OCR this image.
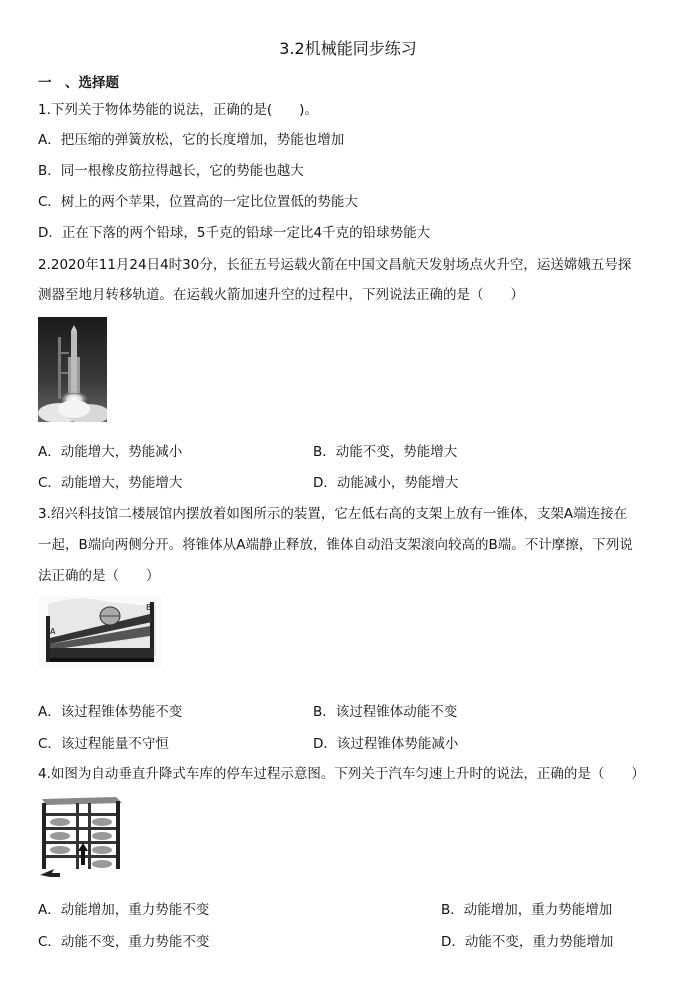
3.2机械能同步练习
一　、选择题
1.下列关于物体势能的说法，正确的是(　　)。
A．把压缩的弹簧放松，它的长度增加，势能也增加
B．同一根橡皮筋拉得越长，它的势能也越大
C．树上的两个苹果，位置高的一定比位置低的势能大
D．正在下落的两个铅球，5千克的铅球一定比4千克的铅球势能大
2.2020年11月24日4时30分，长征五号运载火箭在中国文昌航天发射场点火升空，运送嫦娥五号探
测器至地月转移轨道。在运载火箭加速升空的过程中，下列说法正确的是（　　）
A．动能增大，势能减小	B．动能不变，势能增大
C．动能增大，势能增大	D．动能减小，势能增大
3.绍兴科技馆二楼展馆内摆放着如图所示的装置，它左低右高的支架上放有一锥体，支架A端连接在
一起，B端向两侧分开。将锥体从A端静止释放，锥体自动沿支架滚向较高的B端。不计摩擦，下列说
法正确的是（　　）
A
B
A．该过程锥体势能不变	B．该过程锥体动能不变
C．该过程能量不守恒	D．该过程锥体势能减小
4.如图为自动垂直升降式车库的停车过程示意图。下列关于汽车匀速上升时的说法，正确的是（　　）
A．动能增加，重力势能不变	B．动能增加，重力势能增加
C．动能不变，重力势能不变	D．动能不变，重力势能增加
